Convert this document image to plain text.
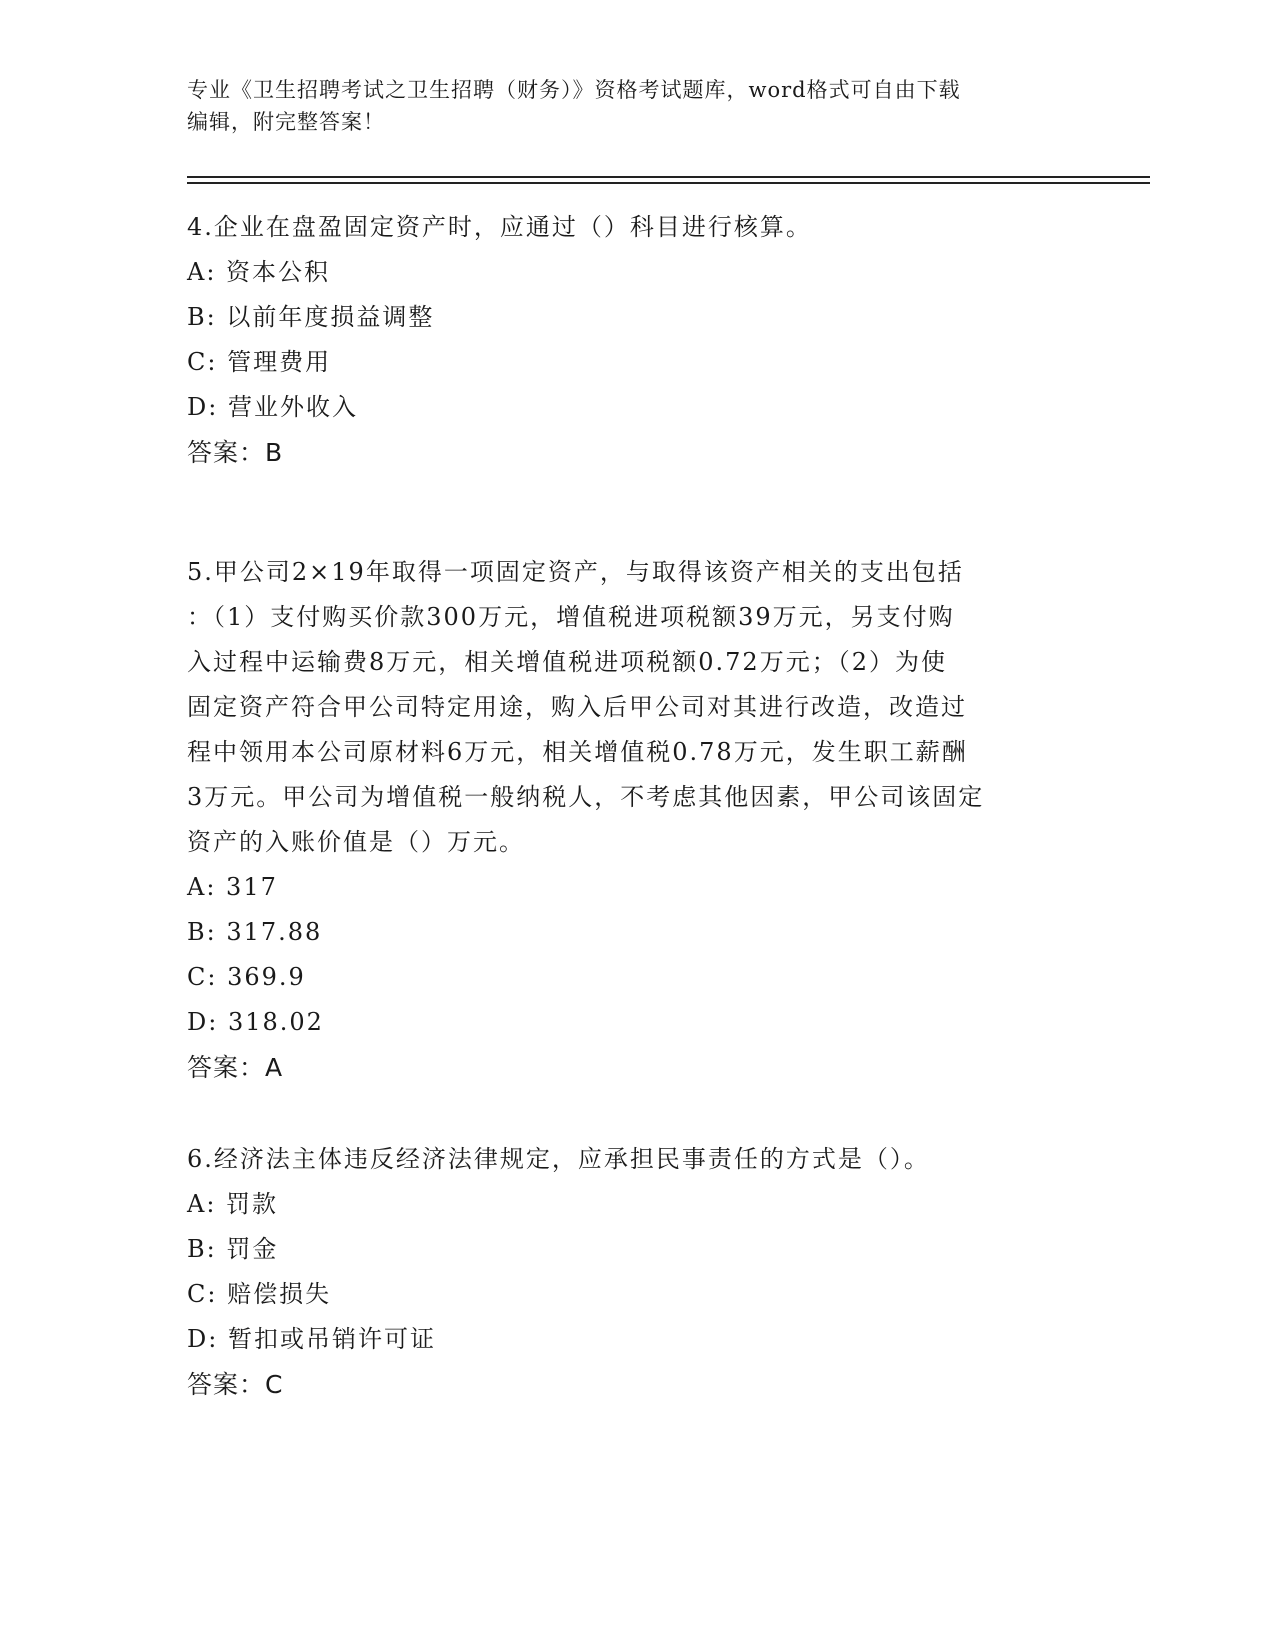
专业《卫生招聘考试之卫生招聘（财务）》资格考试题库，word格式可自由下载
编辑，附完整答案！

4.企业在盘盈固定资产时，应通过（）科目进行核算。

A: 资本公积

B: 以前年度损益调整

C: 管理费用

D: 营业外收入

答案：B

5.甲公司2×19年取得一项固定资产，与取得该资产相关的支出包括

：（1）支付购买价款300万元，增值税进项税额39万元，另支付购

入过程中运输费8万元，相关增值税进项税额0.72万元；（2）为使

固定资产符合甲公司特定用途，购入后甲公司对其进行改造，改造过

程中领用本公司原材料6万元，相关增值税0.78万元，发生职工薪酬

3万元。甲公司为增值税一般纳税人，不考虑其他因素，甲公司该固定

资产的入账价值是（）万元。

A: 317

B: 317.88

C: 369.9

D: 318.02

答案：A

6.经济法主体违反经济法律规定，应承担民事责任的方式是（）。

A: 罚款

B: 罚金

C: 赔偿损失

D: 暂扣或吊销许可证

答案：C
